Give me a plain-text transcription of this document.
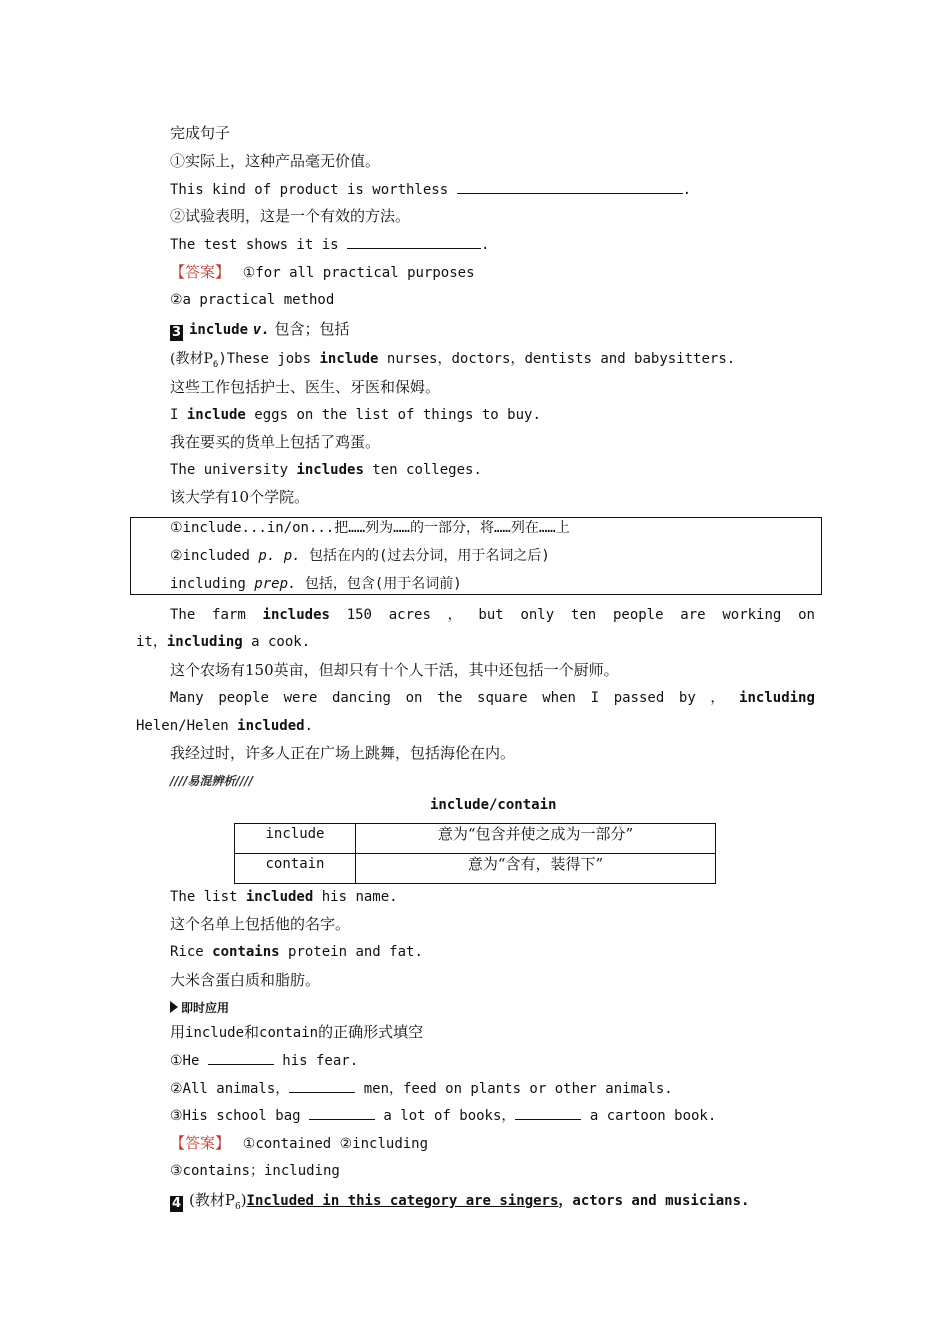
完成句子
①实际上，这种产品毫无价值。
This kind of product is worthless	.
②试验表明，这是一个有效的方法。
The test shows it is	.
【答案】 ①for all practical purposes
②a practical method
3 include v. 包含；包括
(教材$P_6)These$ jobs include nurses，doctors，dentists and babysitters.
这些工作包括护士、医生、牙医和保姆。
I include eggs on the list of things to buy.
我在要买的货单上包括了鸡蛋。
The university includes ten colleges.
该大学有10个学院。
①include...in/on...把……列为……的一部分，将……列在……上
②included p. p. 包括在内的(过去分词，用于名词之后)
including prep. 包括，包含(用于名词前)
The farm includes 150 acres ， but only ten people are working on
it，including a cook.
这个农场有150英亩，但却只有十个人干活，其中还包括一个厨师。
Many people were dancing on the square when I passed by ， including
Helen/Helen included.
我经过时，许多人正在广场上跳舞，包括海伦在内。
////易混辨析////
include/contain
include	意为“包含并使之成为一部分”
contain	意为“含有，装得下”
The list included his name.
这个名单上包括他的名字。
Rice contains protein and fat.
大米含蛋白质和脂肪。
即时应用
用include和contain的正确形式填空
①He	his fear.
②All animals，	men，feed on plants or other animals.
③His school bag	a lot of books，	a cartoon book.
【答案】 ①contained ②including
③contains；including
4 (教材$P_6)Included$ in this category are singers，actors and musicians.
